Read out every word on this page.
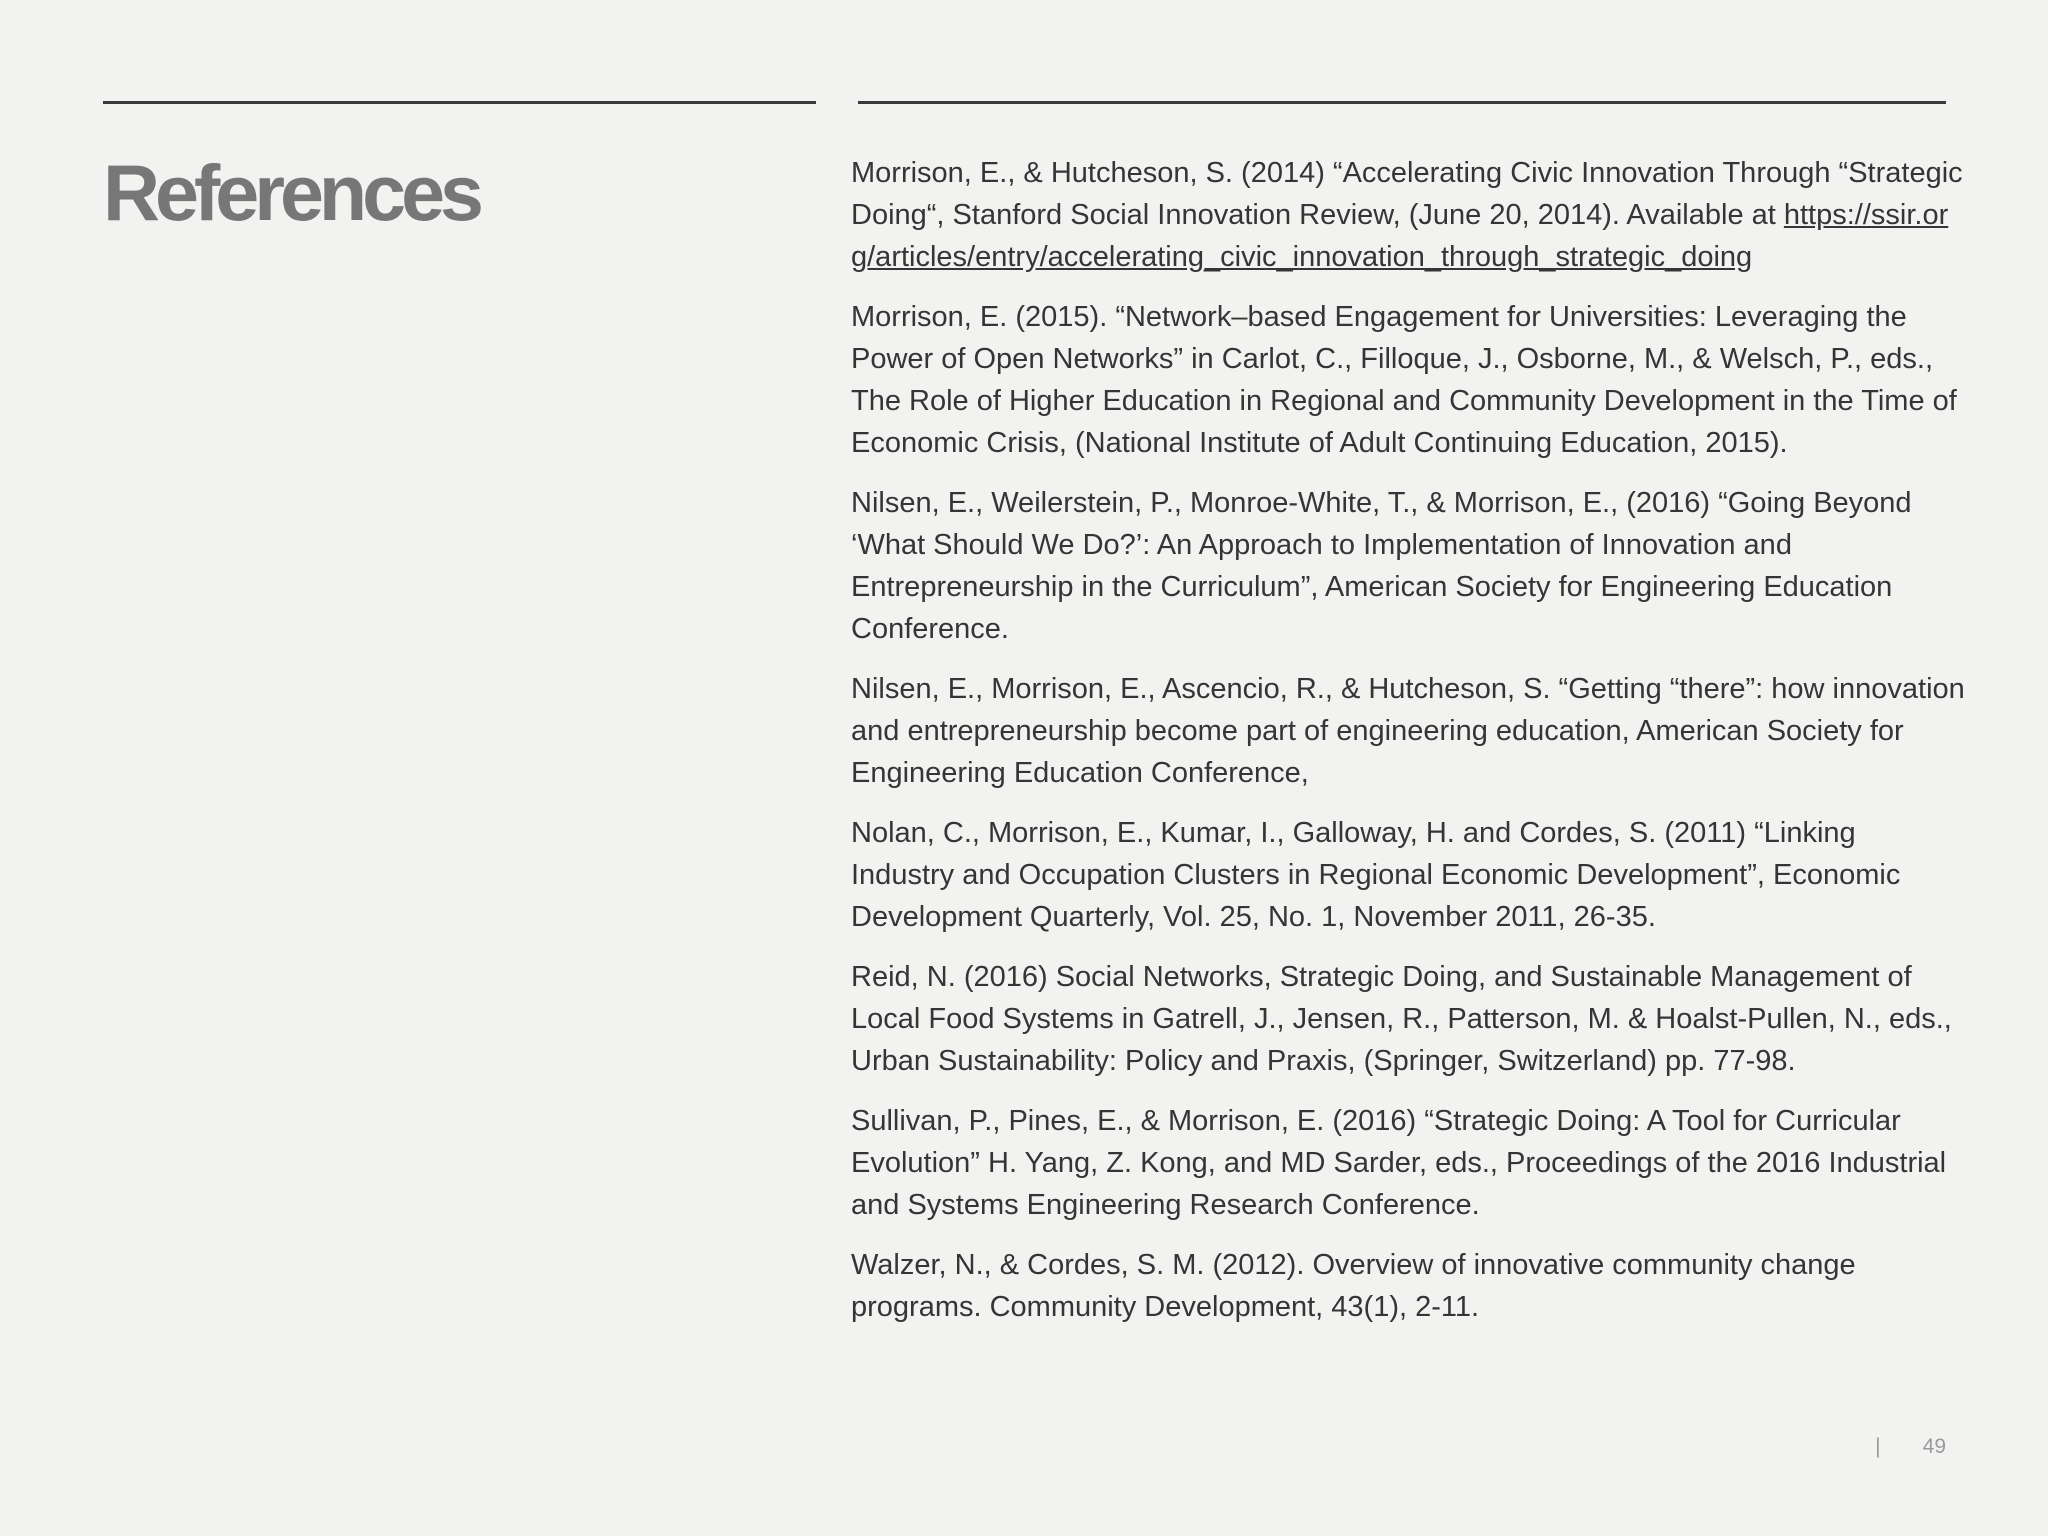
References	Morrison, E., & Hutcheson, S. (2014) “Accelerating Civic Innovation Through “Strategic Doing“, Stanford Social Innovation Review, (June 20, 2014). Available at https://ssir.org/articles/entry/accelerating_civic_innovation_through_strategic_doing

Morrison, E. (2015). “Network–based Engagement for Universities: Leveraging the Power of Open Networks” in Carlot, C., Filloque, J., Osborne, M., & Welsch, P., eds., The Role of Higher Education in Regional and Community Development in the Time of Economic Crisis, (National Institute of Adult Continuing Education, 2015).

Nilsen, E., Weilerstein, P., Monroe-White, T., & Morrison, E., (2016) “Going Beyond ‘What Should We Do?’: An Approach to Implementation of Innovation and Entrepreneurship in the Curriculum”, American Society for Engineering Education Conference.

Nilsen, E., Morrison, E., Ascencio, R., & Hutcheson, S. “Getting “there”: how innovation and entrepreneurship become part of engineering education, American Society for Engineering Education Conference,

Nolan, C., Morrison, E., Kumar, I., Galloway, H. and Cordes, S. (2011) “Linking Industry and Occupation Clusters in Regional Economic Development”, Economic Development Quarterly, Vol. 25, No. 1, November 2011, 26-35.

Reid, N. (2016) Social Networks, Strategic Doing, and Sustainable Management of Local Food Systems in Gatrell, J., Jensen, R., Patterson, M. & Hoalst-Pullen, N., eds., Urban Sustainability: Policy and Praxis, (Springer, Switzerland) pp. 77-98.

Sullivan, P., Pines, E., & Morrison, E. (2016) “Strategic Doing: A Tool for Curricular Evolution” H. Yang, Z. Kong, and MD Sarder, eds., Proceedings of the 2016 Industrial and Systems Engineering Research Conference.

Walzer, N., & Cordes, S. M. (2012). Overview of innovative community change programs. Community Development, 43(1), 2-11.

| 49
